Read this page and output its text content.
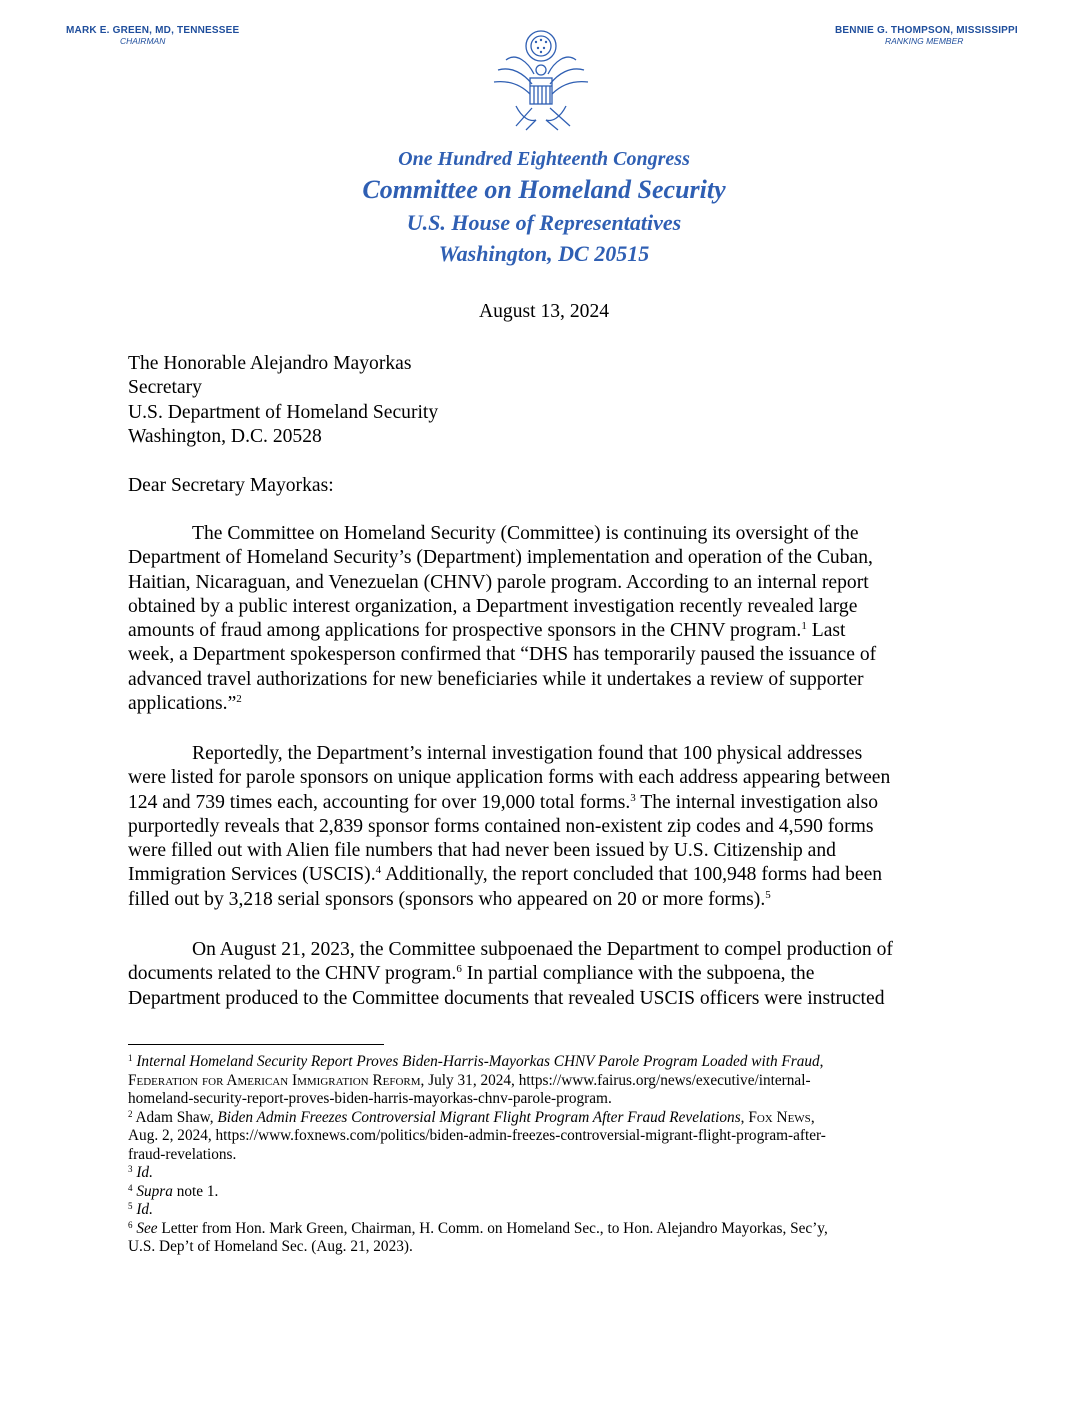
MARK E. GREEN, MD, TENNESSEE
CHAIRMAN
BENNIE G. THOMPSON, MISSISSIPPI
RANKING MEMBER
One Hundred Eighteenth Congress
Committee on Homeland Security
U.S. House of Representatives
Washington, DC 20515
August 13, 2024
The Honorable Alejandro Mayorkas
Secretary
U.S. Department of Homeland Security
Washington, D.C. 20528
Dear Secretary Mayorkas:
The Committee on Homeland Security (Committee) is continuing its oversight of the
Department of Homeland Security’s (Department) implementation and operation of the Cuban,
Haitian, Nicaraguan, and Venezuelan (CHNV) parole program. According to an internal report
obtained by a public interest organization, a Department investigation recently revealed large
amounts of fraud among applications for prospective sponsors in the CHNV program.$^1$ Last
week, a Department spokesperson confirmed that “DHS has temporarily paused the issuance of
advanced travel authorizations for new beneficiaries while it undertakes a review of supporter
applications.”$^2$
Reportedly, the Department’s internal investigation found that 100 physical addresses
were listed for parole sponsors on unique application forms with each address appearing between
124 and 739 times each, accounting for over 19,000 total forms.$^3$ The internal investigation also
purportedly reveals that 2,839 sponsor forms contained non-existent zip codes and 4,590 forms
were filled out with Alien file numbers that had never been issued by U.S. Citizenship and
Immigration Services (USCIS).$^4$ Additionally, the report concluded that 100,948 forms had been
filled out by 3,218 serial sponsors (sponsors who appeared on 20 or more forms).$^5$
On August 21, 2023, the Committee subpoenaed the Department to compel production of
documents related to the CHNV program.$^6$ In partial compliance with the subpoena, the
Department produced to the Committee documents that revealed USCIS officers were instructed
$^1$ Internal Homeland Security Report Proves Biden-Harris-Mayorkas CHNV Parole Program Loaded with Fraud,
Federation for American Immigration Reform, July 31, 2024, https://www.fairus.org/news/executive/internal-
homeland-security-report-proves-biden-harris-mayorkas-chnv-parole-program.
$^2$ Adam Shaw, Biden Admin Freezes Controversial Migrant Flight Program After Fraud Revelations, Fox News,
Aug. 2, 2024, https://www.foxnews.com/politics/biden-admin-freezes-controversial-migrant-flight-program-after-
fraud-revelations.
$^3$ Id.
$^4$ Supra note 1.
$^5$ Id.
$^6$ See Letter from Hon. Mark Green, Chairman, H. Comm. on Homeland Sec., to Hon. Alejandro Mayorkas, Sec’y,
U.S. Dep’t of Homeland Sec. (Aug. 21, 2023).
